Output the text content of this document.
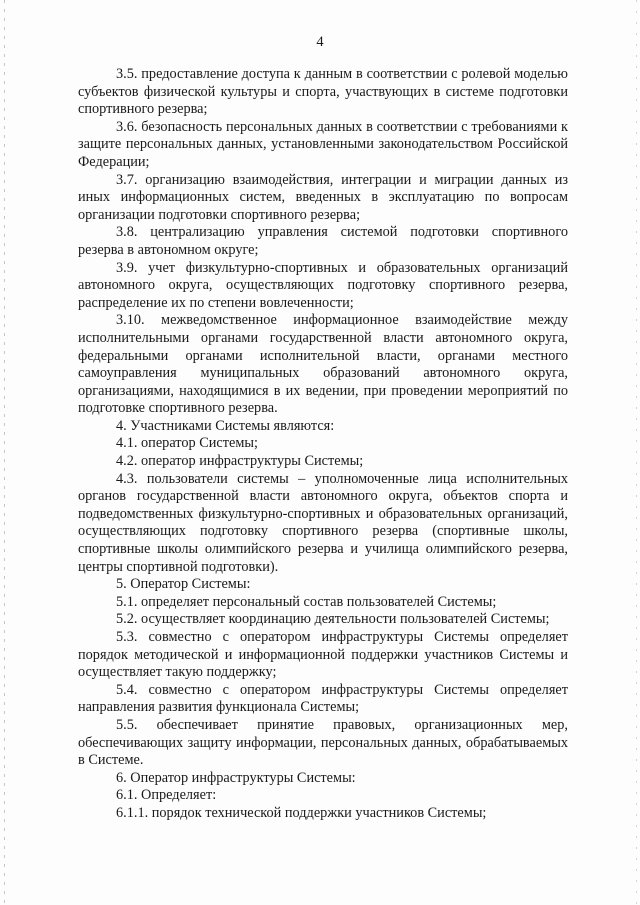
4

3.5. предоставление доступа к данным в соответствии с ролевой моделью субъектов физической культуры и спорта, участвующих в системе подготовки спортивного резерва;

3.6. безопасность персональных данных в соответствии с требованиями к защите персональных данных, установленными законодательством Российской Федерации;

3.7. организацию взаимодействия, интеграции и миграции данных из иных информационных систем, введенных в эксплуатацию по вопросам организации подготовки спортивного резерва;

3.8. централизацию управления системой подготовки спортивного резерва в автономном округе;

3.9. учет физкультурно-спортивных и образовательных организаций автономного округа, осуществляющих подготовку спортивного резерва, распределение их по степени вовлеченности;

3.10. межведомственное информационное взаимодействие между исполнительными органами государственной власти автономного округа, федеральными органами исполнительной власти, органами местного самоуправления муниципальных образований автономного округа, организациями, находящимися в их ведении, при проведении мероприятий по подготовке спортивного резерва.

4. Участниками Системы являются:

4.1. оператор Системы;

4.2. оператор инфраструктуры Системы;

4.3. пользователи системы – уполномоченные лица исполнительных органов государственной власти автономного округа, объектов спорта и подведомственных физкультурно-спортивных и образовательных организаций, осуществляющих подготовку спортивного резерва (спортивные школы, спортивные школы олимпийского резерва и училища олимпийского резерва, центры спортивной подготовки).

5. Оператор Системы:

5.1. определяет персональный состав пользователей Системы;

5.2. осуществляет координацию деятельности пользователей Системы;

5.3. совместно с оператором инфраструктуры Системы определяет порядок методической и информационной поддержки участников Системы и осуществляет такую поддержку;

5.4. совместно с оператором инфраструктуры Системы определяет направления развития функционала Системы;

5.5. обеспечивает принятие правовых, организационных мер, обеспечивающих защиту информации, персональных данных, обрабатываемых в Системе.

6. Оператор инфраструктуры Системы:

6.1. Определяет:

6.1.1. порядок технической поддержки участников Системы;
